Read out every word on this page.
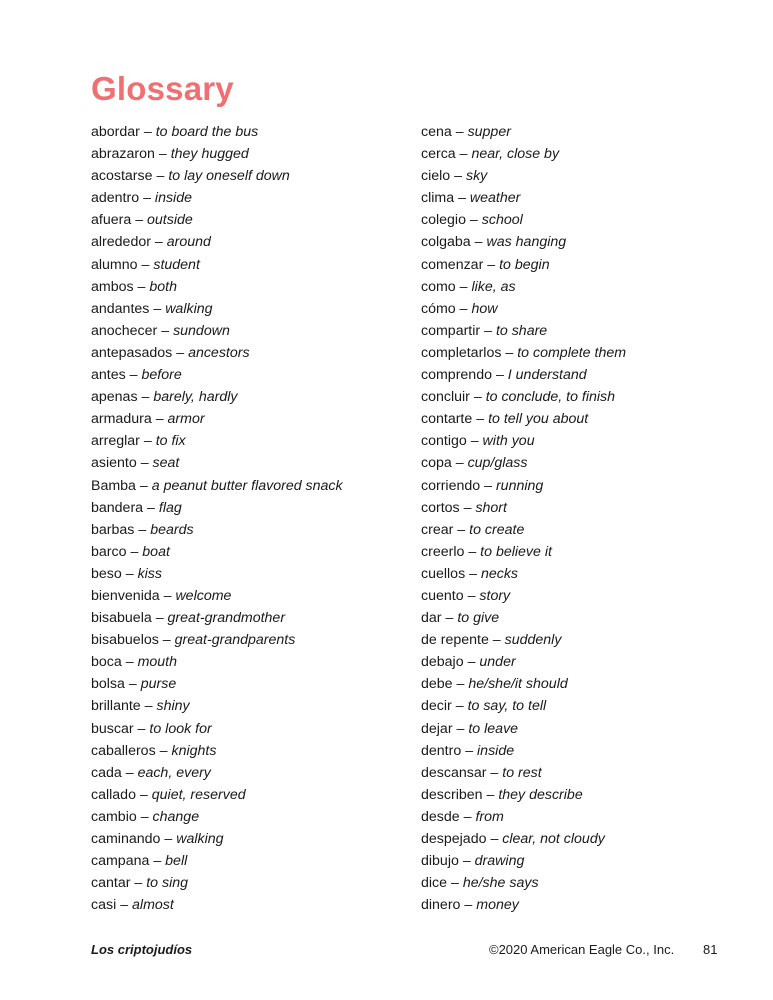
Glossary
abordar – to board the bus
abrazaron – they hugged
acostarse – to lay oneself down
adentro – inside
afuera – outside
alrededor – around
alumno – student
ambos – both
andantes – walking
anochecer – sundown
antepasados – ancestors
antes – before
apenas – barely, hardly
armadura – armor
arreglar – to fix
asiento – seat
Bamba – a peanut butter flavored snack
bandera – flag
barbas – beards
barco – boat
beso – kiss
bienvenida – welcome
bisabuela – great-grandmother
bisabuelos – great-grandparents
boca – mouth
bolsa – purse
brillante – shiny
buscar – to look for
caballeros – knights
cada – each, every
callado – quiet, reserved
cambio – change
caminando – walking
campana – bell
cantar – to sing
casi – almost
cena – supper
cerca – near, close by
cielo – sky
clima – weather
colegio – school
colgaba – was hanging
comenzar – to begin
como – like, as
cómo – how
compartir – to share
completarlos – to complete them
comprendo – I understand
concluir – to conclude, to finish
contarte – to tell you about
contigo – with you
copa – cup/glass
corriendo – running
cortos – short
crear – to create
creerlo – to believe it
cuellos – necks
cuento – story
dar – to give
de repente – suddenly
debajo – under
debe – he/she/it should
decir – to say, to tell
dejar – to leave
dentro – inside
descansar – to rest
describen – they describe
desde – from
despejado – clear, not cloudy
dibujo – drawing
dice – he/she says
dinero – money
Los criptojudíos	©2020 American Eagle Co., Inc. 81
